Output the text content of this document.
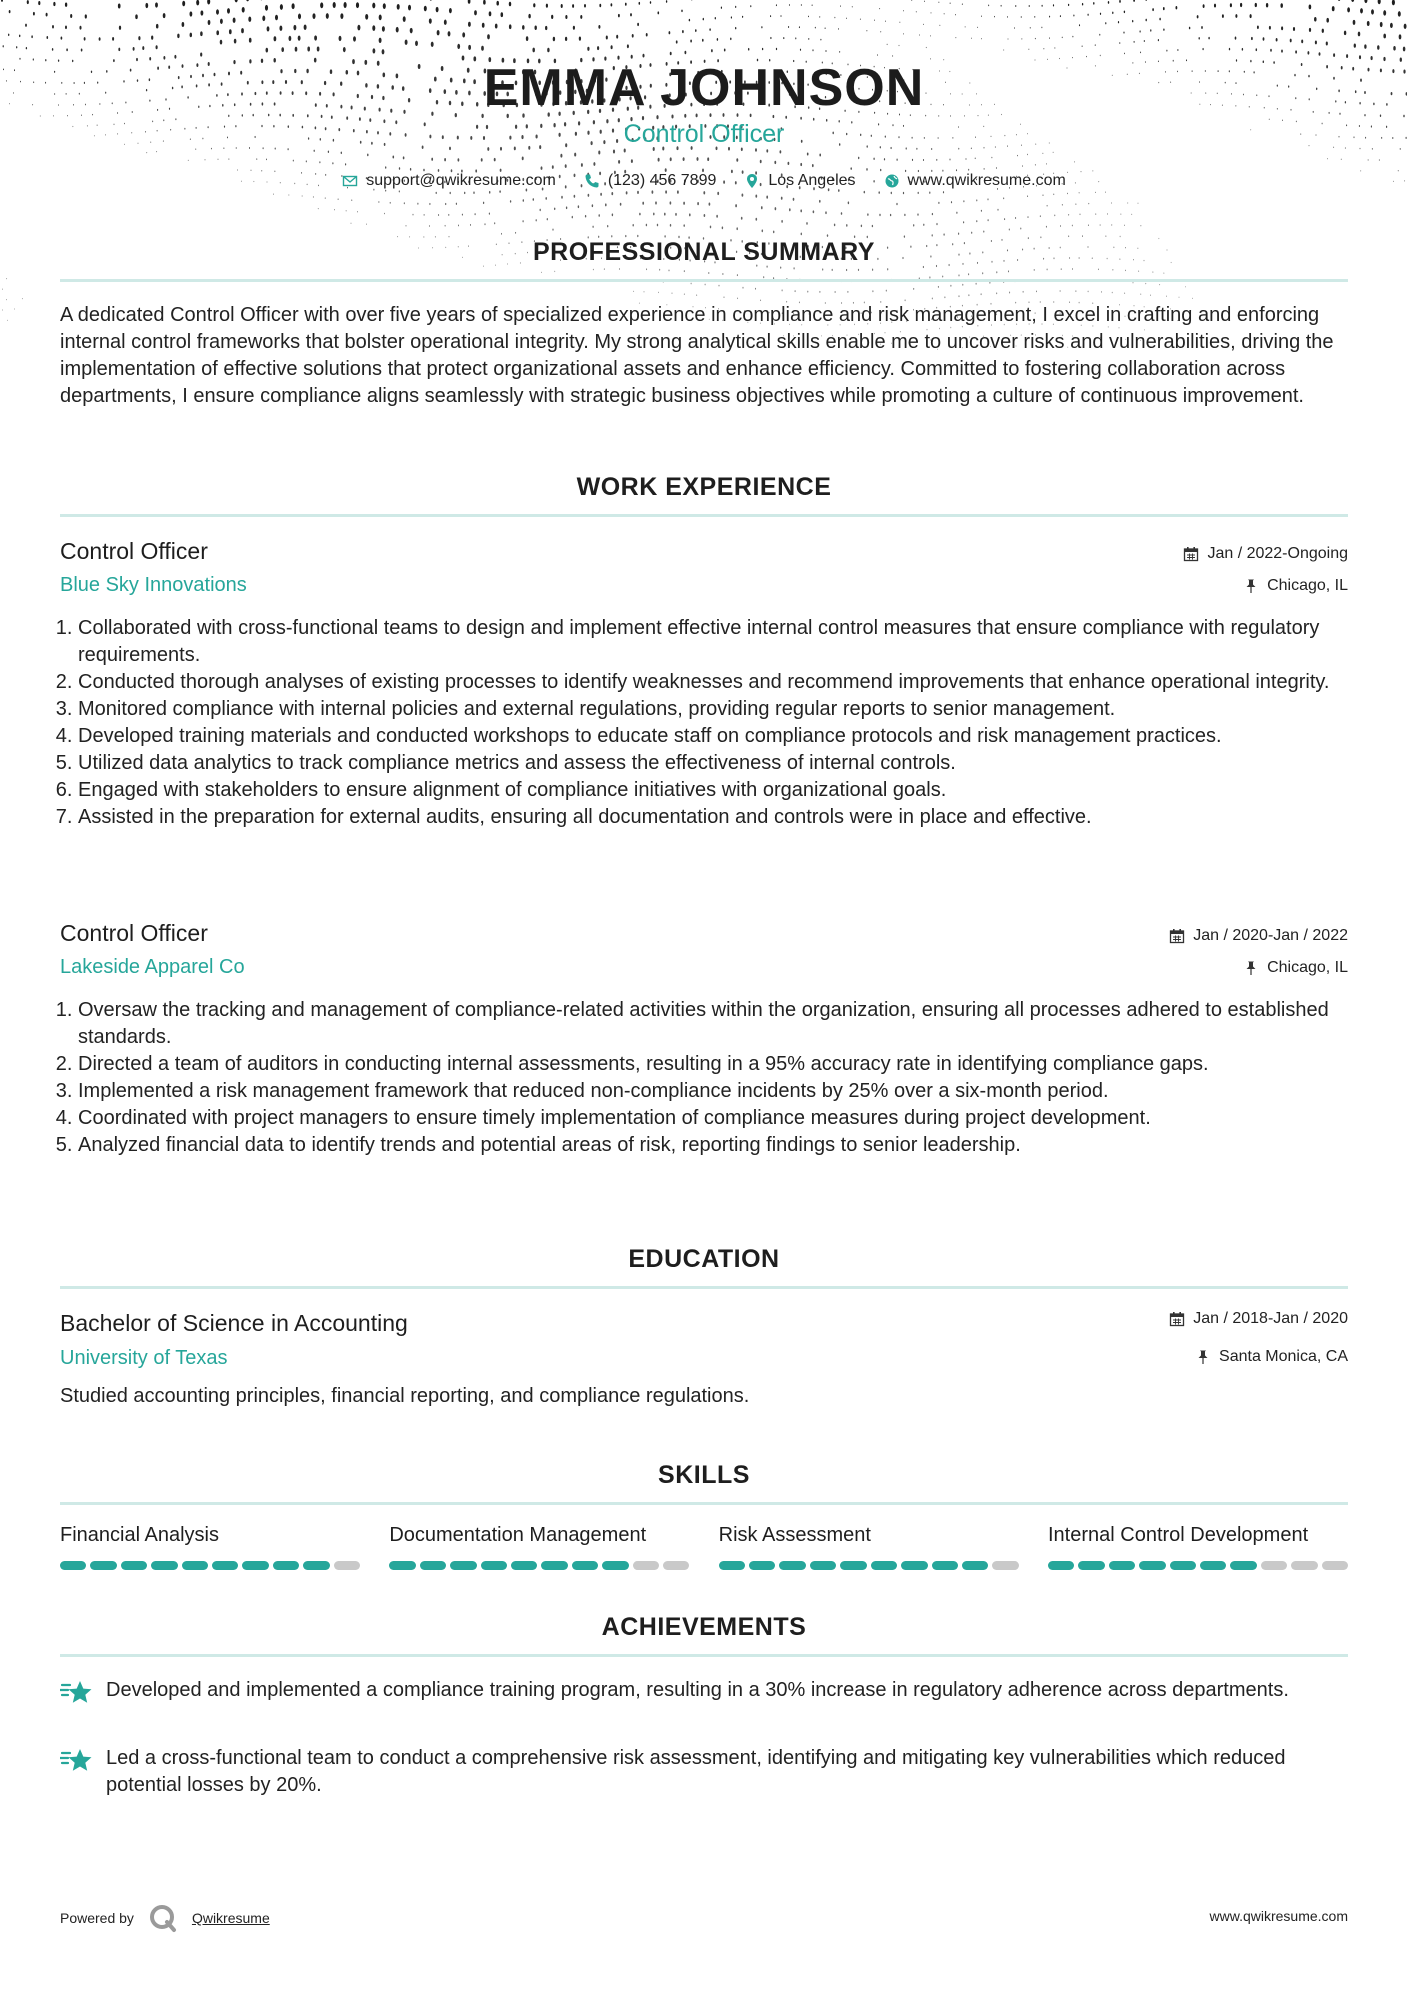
EMMA JOHNSON
Control Officer
support@qwikresume.com	(123) 456 7899	Los Angeles	www.qwikresume.com
PROFESSIONAL SUMMARY
A dedicated Control Officer with over five years of specialized experience in compliance and risk management, I excel in crafting and enforcing internal control frameworks that bolster operational integrity. My strong analytical skills enable me to uncover risks and vulnerabilities, driving the implementation of effective solutions that protect organizational assets and enhance efficiency. Committed to fostering collaboration across departments, I ensure compliance aligns seamlessly with strategic business objectives while promoting a culture of continuous improvement.
WORK EXPERIENCE
Control Officer
Blue Sky Innovations
Jan / 2022-Ongoing
Chicago, IL
1. Collaborated with cross-functional teams to design and implement effective internal control measures that ensure compliance with regulatory requirements.
2. Conducted thorough analyses of existing processes to identify weaknesses and recommend improvements that enhance operational integrity.
3. Monitored compliance with internal policies and external regulations, providing regular reports to senior management.
4. Developed training materials and conducted workshops to educate staff on compliance protocols and risk management practices.
5. Utilized data analytics to track compliance metrics and assess the effectiveness of internal controls.
6. Engaged with stakeholders to ensure alignment of compliance initiatives with organizational goals.
7. Assisted in the preparation for external audits, ensuring all documentation and controls were in place and effective.
Control Officer
Lakeside Apparel Co
Jan / 2020-Jan / 2022
Chicago, IL
1. Oversaw the tracking and management of compliance-related activities within the organization, ensuring all processes adhered to established standards.
2. Directed a team of auditors in conducting internal assessments, resulting in a 95% accuracy rate in identifying compliance gaps.
3. Implemented a risk management framework that reduced non-compliance incidents by 25% over a six-month period.
4. Coordinated with project managers to ensure timely implementation of compliance measures during project development.
5. Analyzed financial data to identify trends and potential areas of risk, reporting findings to senior leadership.
EDUCATION
Bachelor of Science in Accounting
University of Texas
Jan / 2018-Jan / 2020
Santa Monica, CA
Studied accounting principles, financial reporting, and compliance regulations.
SKILLS
Financial Analysis	Documentation Management	Risk Assessment	Internal Control Development
ACHIEVEMENTS
Developed and implemented a compliance training program, resulting in a 30% increase in regulatory adherence across departments.
Led a cross-functional team to conduct a comprehensive risk assessment, identifying and mitigating key vulnerabilities which reduced potential losses by 20%.
Powered by	Qwikresume	www.qwikresume.com
